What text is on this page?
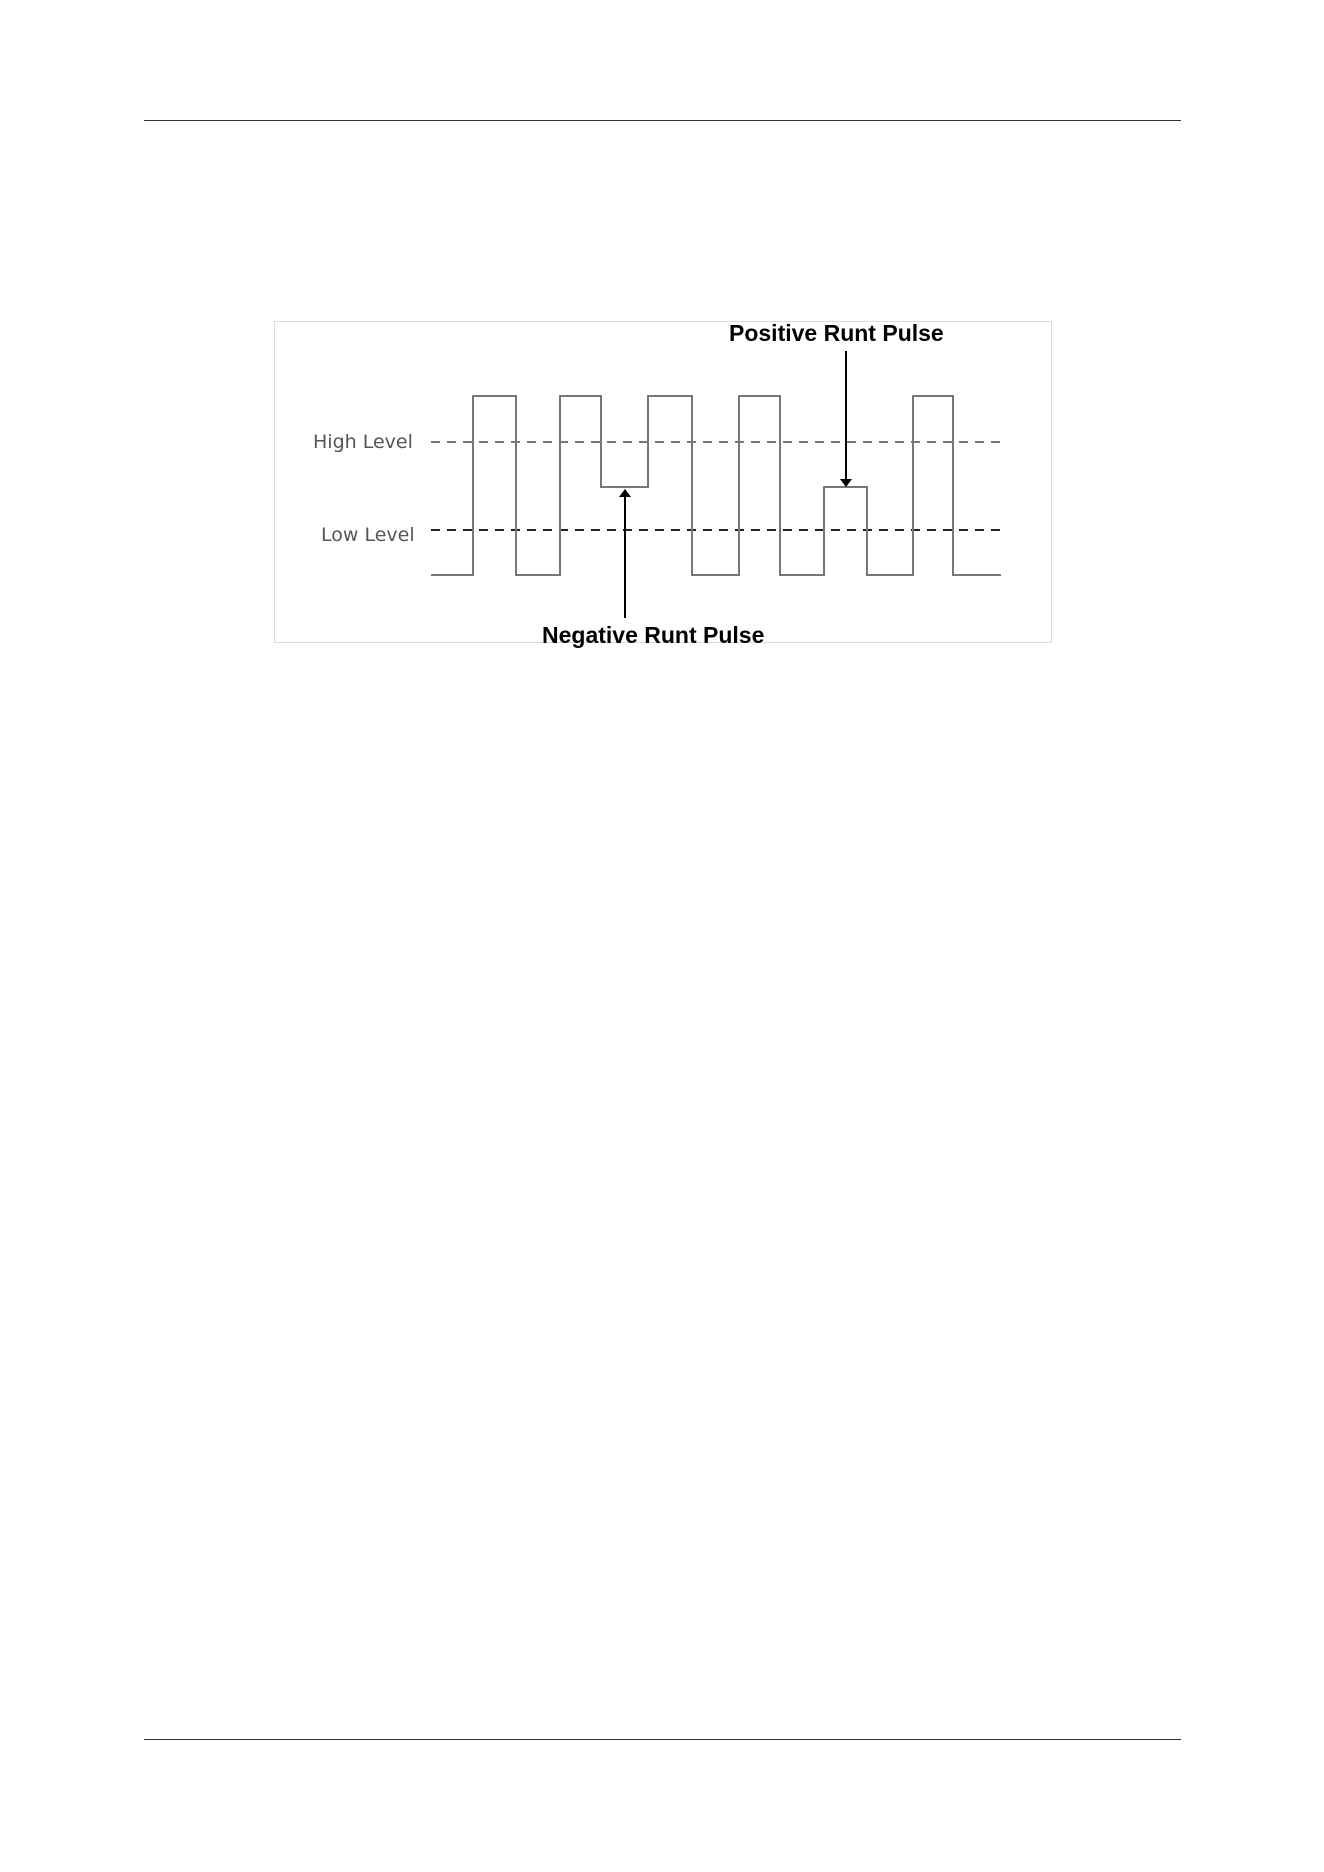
High Level
Low Level
Positive Runt Pulse
Negative Runt Pulse
